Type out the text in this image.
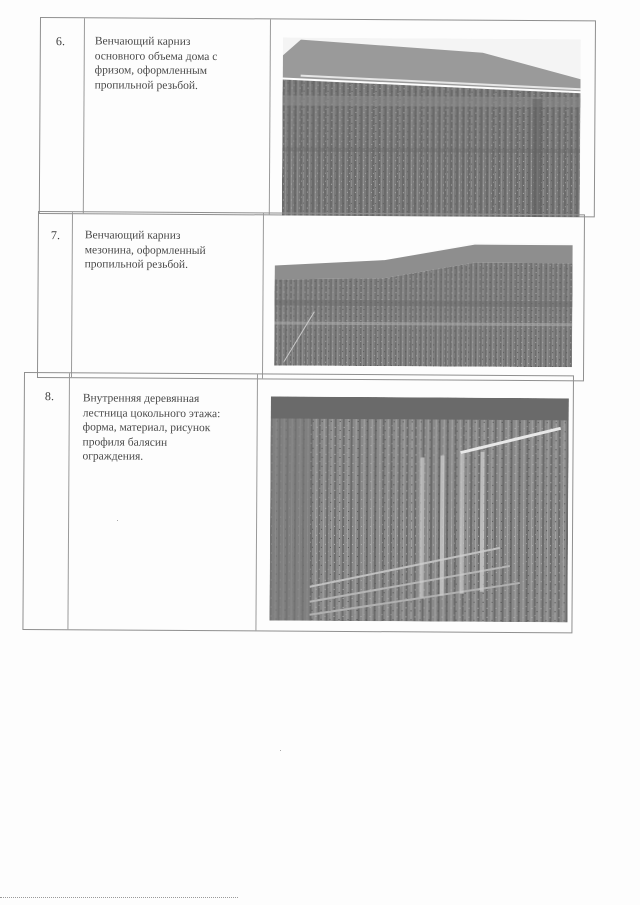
6.	Венчающий карниз
основного объема дома с
фризом, оформленным
пропильной резьбой.
7. Венчающий карниз
мезонина, оформленный
пропильной резьбой.
8. Внутренняя деревянная
лестница цокольного этажа:
форма, материал, рисунок
профиля балясин
ограждения.
